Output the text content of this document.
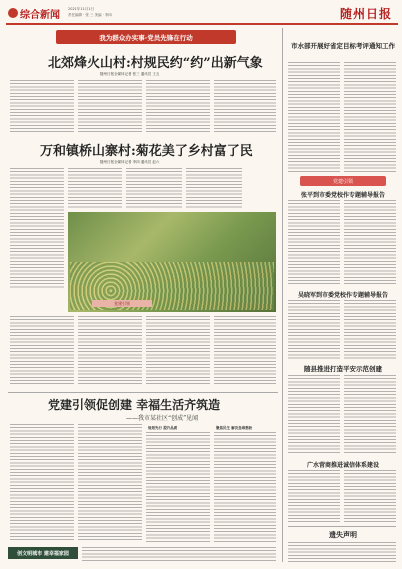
综合新闻
3
2021年11月1日
责任编辑 · 张 三 美编 · 李四	随州日报
我为群众办实事·党员先锋在行动
北郊烽火山村:村规民约“约”出新气象
随州日报全媒体记者 张三 通讯员 王五
万和镇桥山寨村:菊花美了乡村富了民
随州日报全媒体记者 李四 通讯员 赵六
党建引领
党建引领促创建 幸福生活齐筑造
——我市某社区“创成”见闻
规划先行 提升品质	聚焦民生 解决急难愁盼
创文明城市 建幸福家园
市水部开展好省定目标考评通知工作
党建引领
张平到市委党校作专题辅导报告
吴晓军到市委党校作专题辅导报告
随县推进打造平安示范创建
广水营商推进诚信体系建设
遗失声明
